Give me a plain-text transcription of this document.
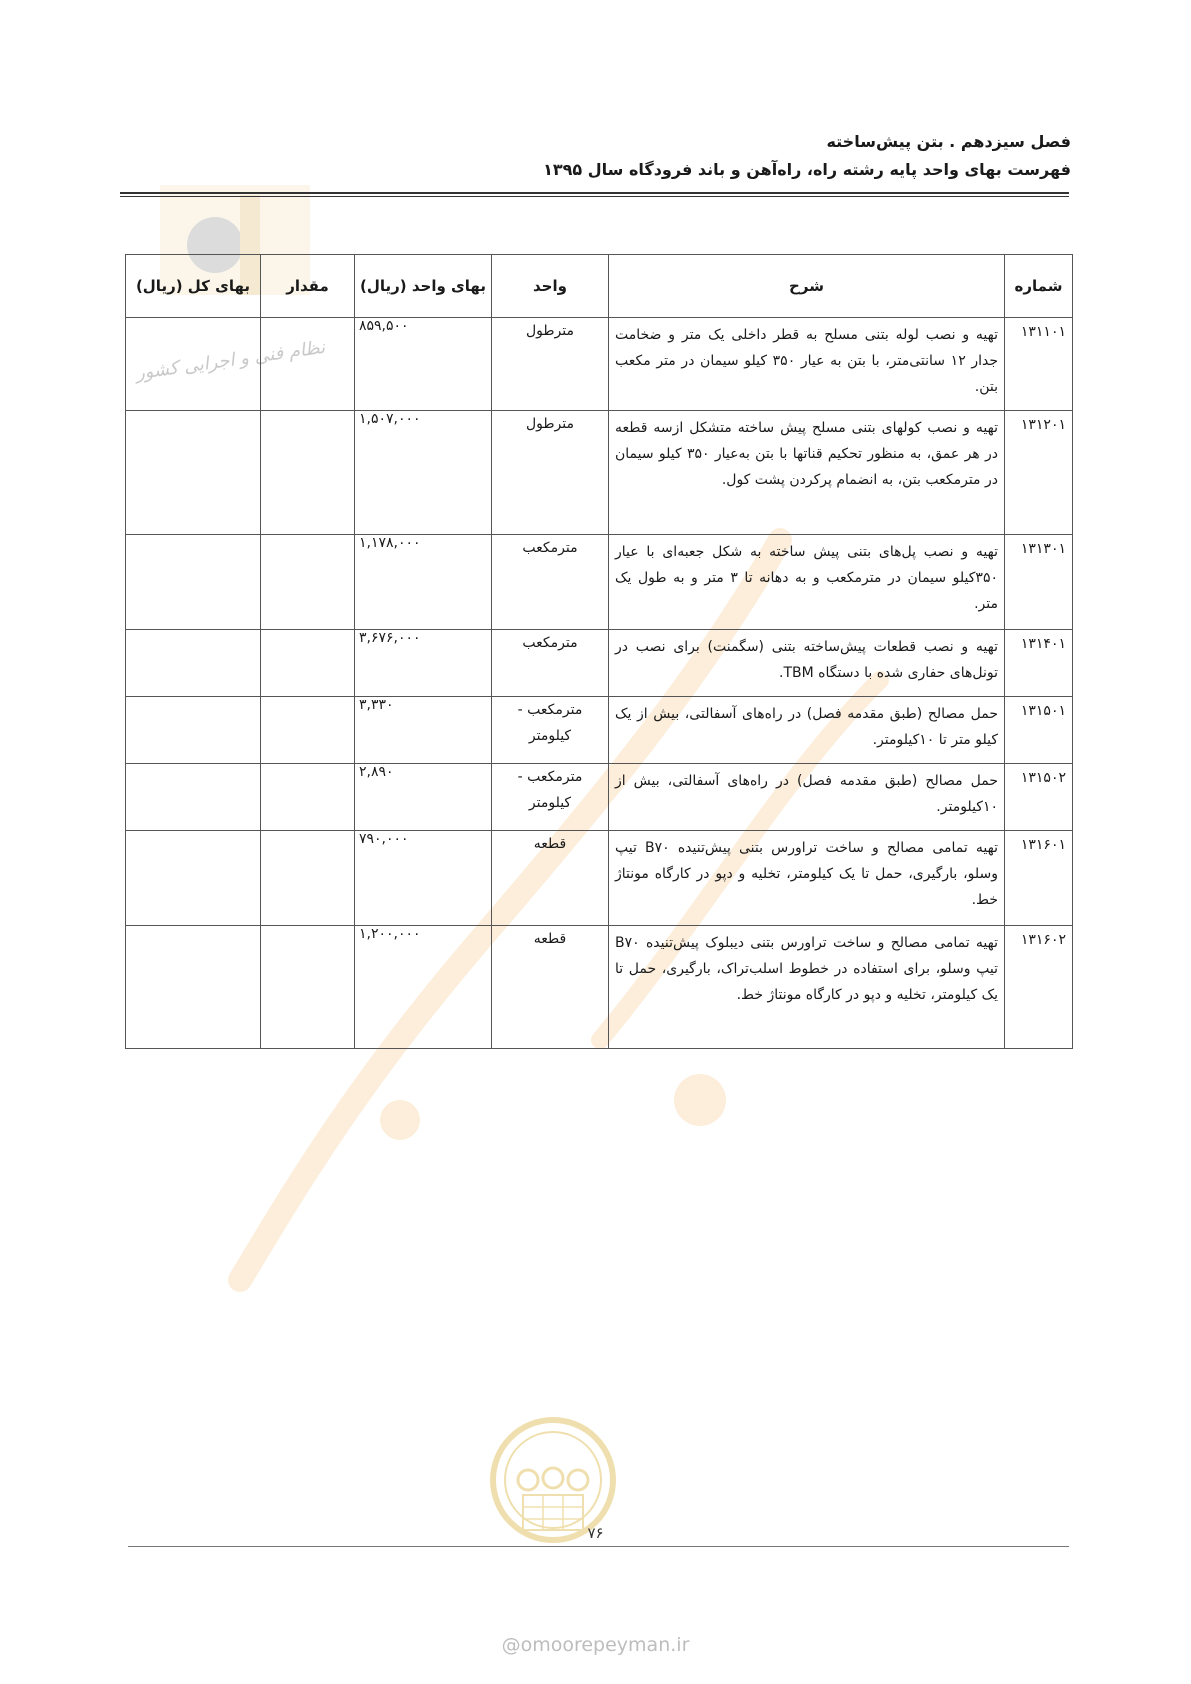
نظام فنی و اجرایی کشور
فصل سیزدهم . بتن پیش‌ساخته
فهرست بهای واحد پایه رشته راه، راه‌آهن و باند فرودگاه سال ۱۳۹۵
شماره	شرح	واحد	بهای واحد (ریال)	مقدار	بهای کل (ریال)
۱۳۱۱۰۱	تهیه و نصب لوله بتنی مسلح به قطر داخلی یک متر و ضخامت جدار ۱۲ سانتی‌متر، با بتن به عیار ۳۵۰ کیلو سیمان در متر مکعب بتن.	مترطول	۸۵۹,۵۰۰		
۱۳۱۲۰۱	تهیه و نصب کولهای بتنی مسلح پیش ساخته متشکل ازسه قطعه در هر عمق، به منظور تحکیم قناتها با بتن به‌عیار ۳۵۰ کیلو سیمان در مترمکعب بتن، به انضمام پرکردن پشت کول.	مترطول	۱,۵۰۷,۰۰۰		
۱۳۱۳۰۱	تهیه و نصب پل‌های بتنی پیش ساخته به شکل جعبه‌ای با عیار ۳۵۰کیلو سیمان در مترمکعب و به دهانه تا ۳ متر و به طول یک متر.	مترمکعب	۱,۱۷۸,۰۰۰		
۱۳۱۴۰۱	تهیه و نصب قطعات پیش‌ساخته بتنی (سگمنت) برای نصب در تونل‌های حفاری شده با دستگاه TBM.	مترمکعب	۳,۶۷۶,۰۰۰		
۱۳۱۵۰۱	حمل مصالح (طبق مقدمه فصل) در راه‌های آسفالتی، بیش از یک کیلو متر تا ۱۰کیلومتر.	مترمکعب - کیلومتر	۳,۳۳۰		
۱۳۱۵۰۲	حمل مصالح (طبق مقدمه فصل) در راه‌های آسفالتی، بیش از ۱۰کیلومتر.	مترمکعب - کیلومتر	۲,۸۹۰		
۱۳۱۶۰۱	تهیه تمامی مصالح و ساخت تراورس بتنی پیش‌تنیده B۷۰ تیپ وسلو، بارگیری، حمل تا یک کیلومتر، تخلیه و دپو در کارگاه مونتاژ خط.	قطعه	۷۹۰,۰۰۰		
۱۳۱۶۰۲	تهیه تمامی مصالح و ساخت تراورس بتنی دیبلوک پیش‌تنیده B۷۰ تیپ وسلو، برای استفاده در خطوط اسلب‌تراک، بارگیری، حمل تا یک کیلومتر، تخلیه و دپو در کارگاه مونتاژ خط.	قطعه	۱,۲۰۰,۰۰۰		
۷۶
@omoorepeyman.ir
